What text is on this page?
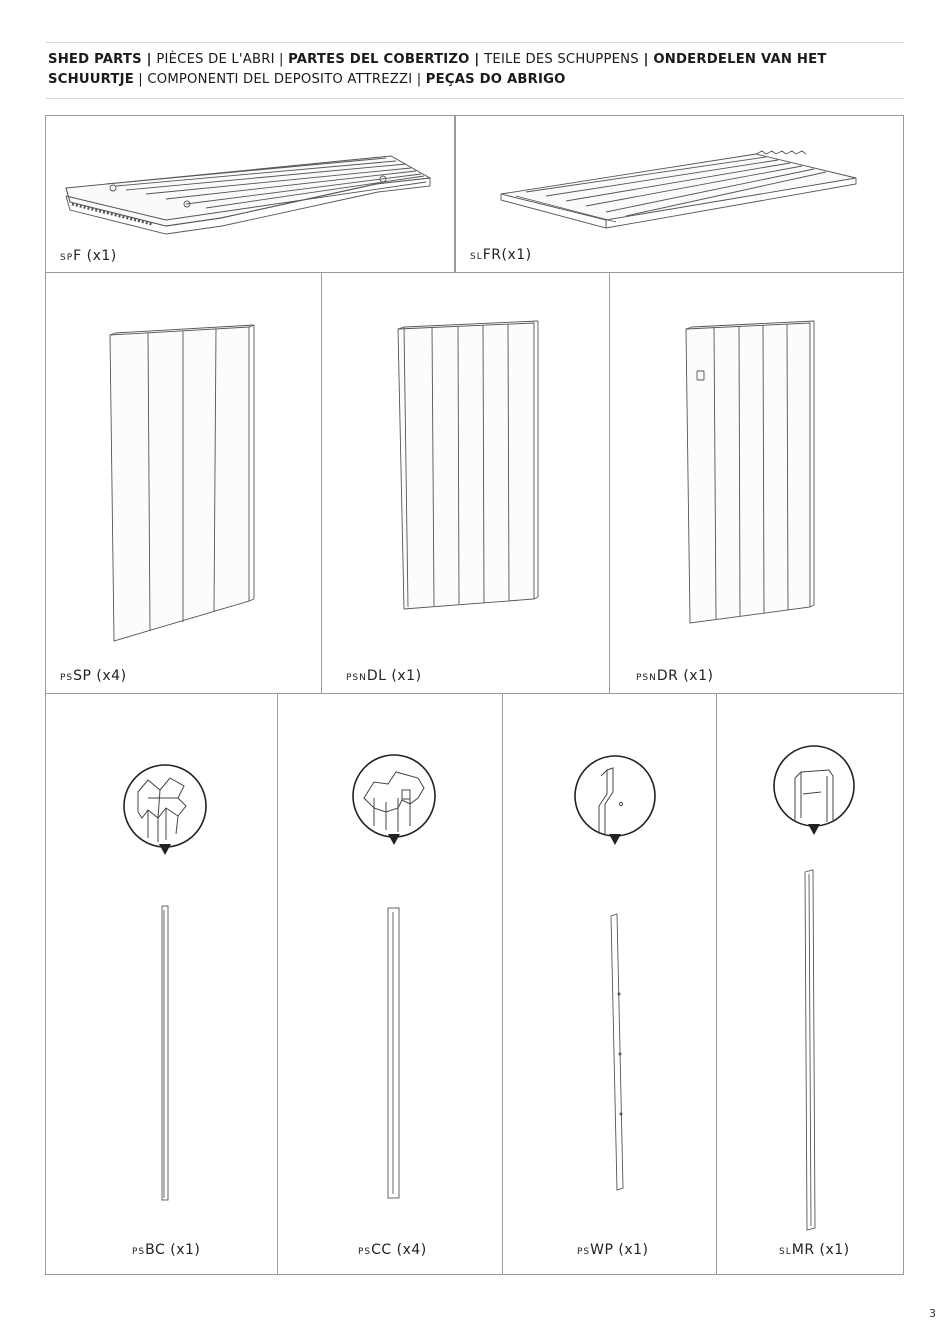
SHED PARTS | PIÈCES DE L'ABRI | PARTES DEL COBERTIZO | TEILE DES SCHUPPENS | ONDERDELEN VAN HET SCHUURTJE | COMPONENTI DEL DEPOSITO ATTREZZI | PEÇAS DO ABRIGO
SPF (x1)	SLFR(x1)
PSSP (x4)	PSNDL (x1)	PSNDR (x1)
PSBC (x1)	PSCC (x4)	PSWP (x1)	SLMR (x1)
3
